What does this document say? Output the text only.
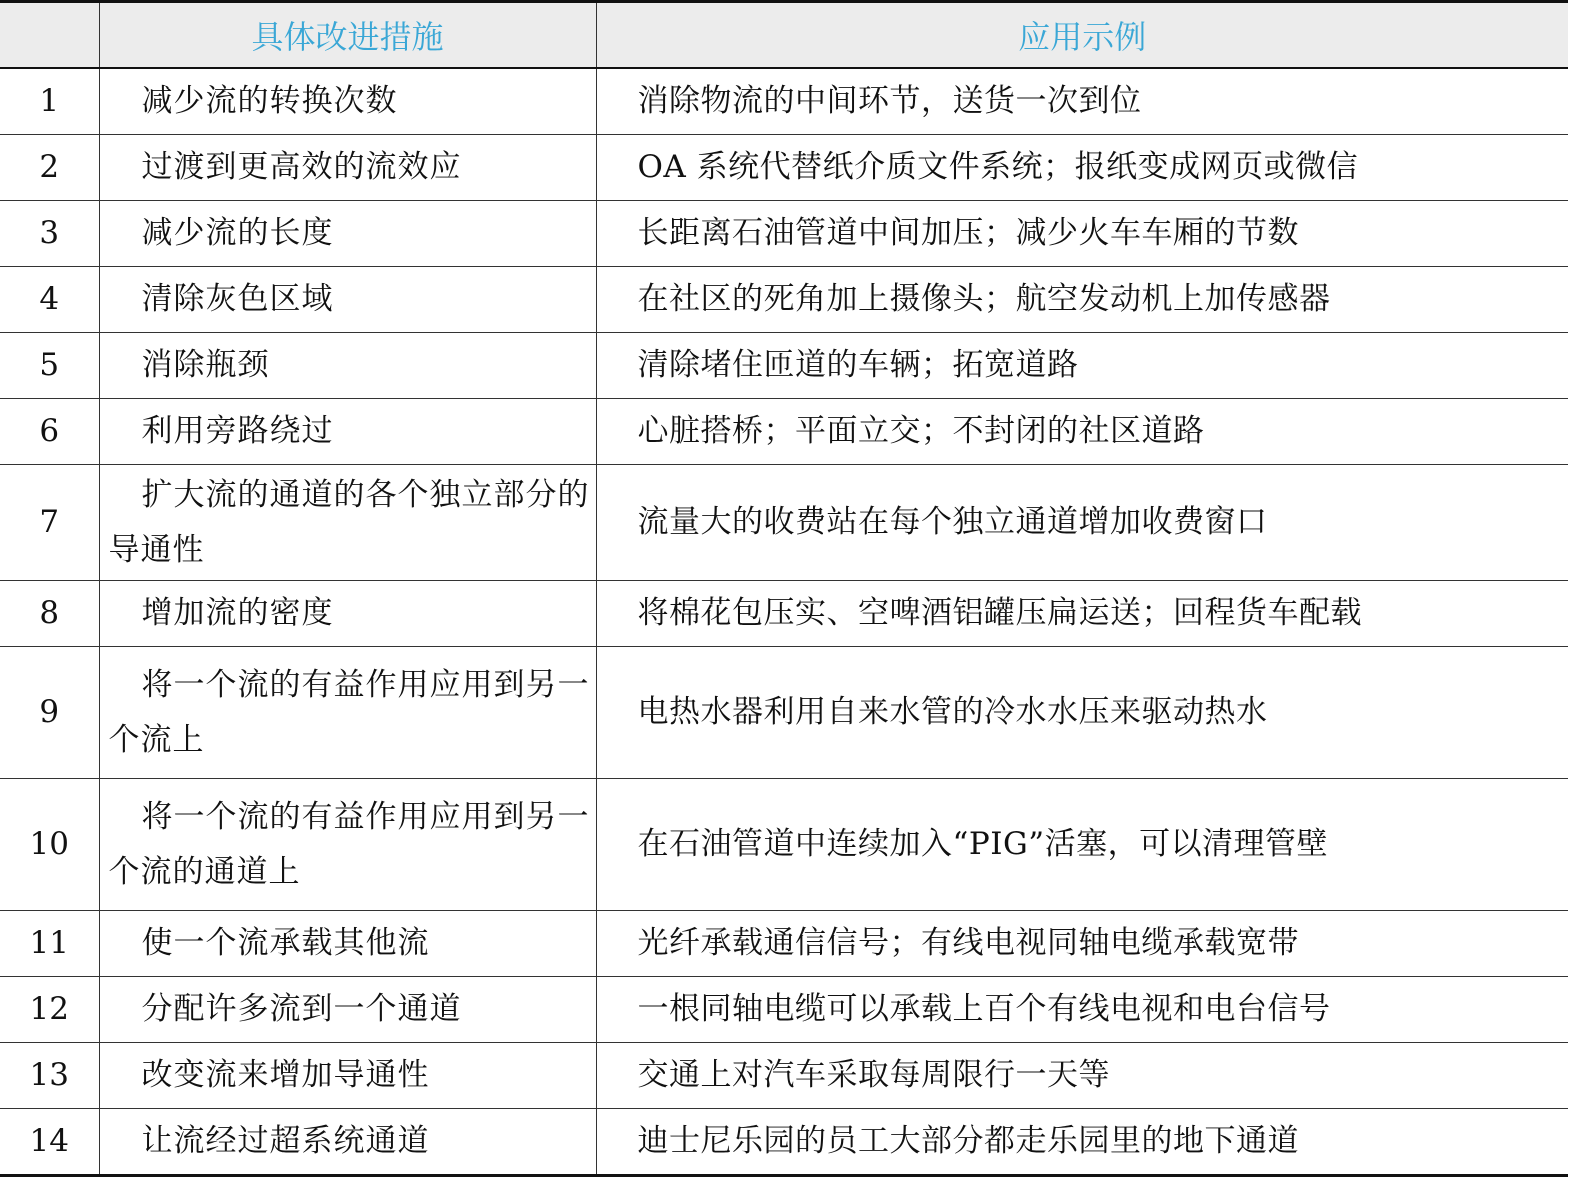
	具体改进措施	应用示例
1	减少流的转换次数	消除物流的中间环节，送货一次到位
2	过渡到更高效的流效应	OA 系统代替纸介质文件系统；报纸变成网页或微信
3	减少流的长度	长距离石油管道中间加压；减少火车车厢的节数
4	清除灰色区域	在社区的死角加上摄像头；航空发动机上加传感器
5	消除瓶颈	清除堵住匝道的车辆；拓宽道路
6	利用旁路绕过	心脏搭桥；平面立交；不封闭的社区道路
7	扩大流的通道的各个独立部分的导通性	流量大的收费站在每个独立通道增加收费窗口
8	增加流的密度	将棉花包压实、空啤酒铝罐压扁运送；回程货车配载
9	将一个流的有益作用应用到另一个流上	电热水器利用自来水管的冷水水压来驱动热水
10	将一个流的有益作用应用到另一个流的通道上	在石油管道中连续加入“PIG”活塞，可以清理管壁
11	使一个流承载其他流	光纤承载通信信号；有线电视同轴电缆承载宽带
12	分配许多流到一个通道	一根同轴电缆可以承载上百个有线电视和电台信号
13	改变流来增加导通性	交通上对汽车采取每周限行一天等
14	让流经过超系统通道	迪士尼乐园的员工大部分都走乐园里的地下通道
